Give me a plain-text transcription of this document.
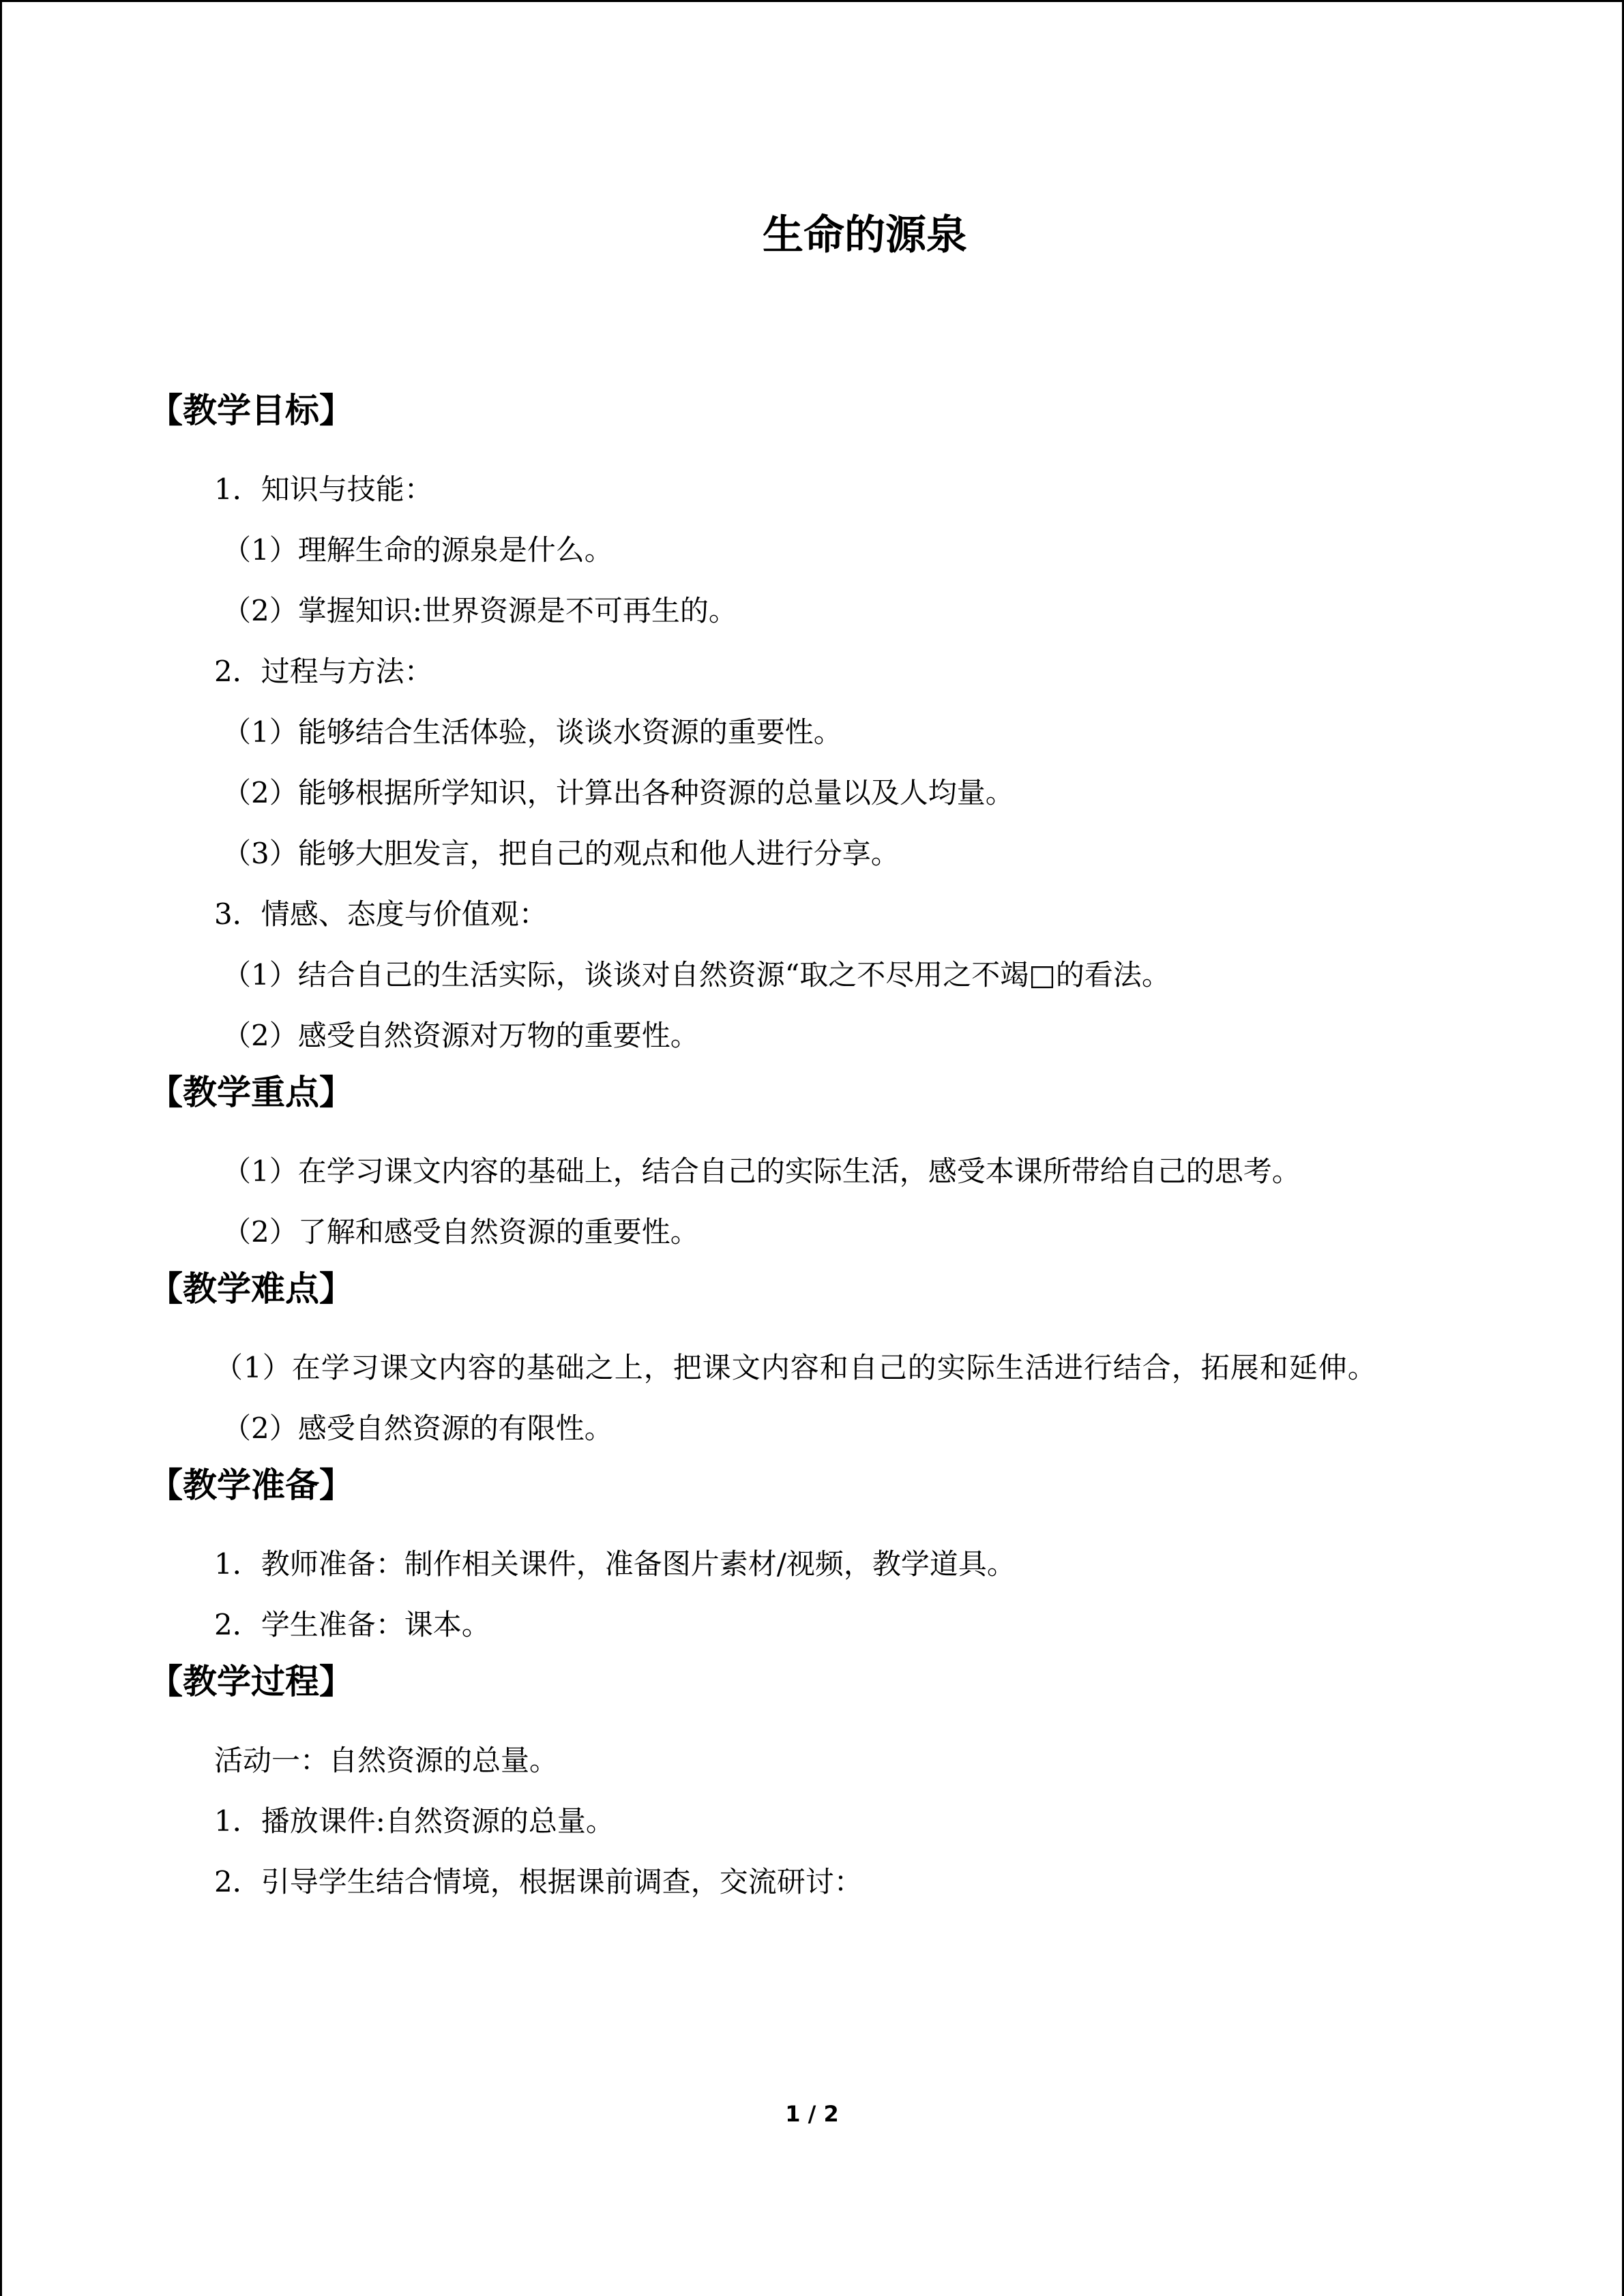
生命的源泉
【教学目标】

1．知识与技能：

（1）理解生命的源泉是什么。

（2）掌握知识:世界资源是不可再生的。

2．过程与方法：

（1）能够结合生活体验，谈谈水资源的重要性。

（2）能够根据所学知识，计算出各种资源的总量以及人均量。

（3）能够大胆发言，把自己的观点和他人进行分享。

3．情感、态度与价值观：

（1）结合自己的生活实际，谈谈对自然资源“取之不尽用之不竭□的看法。

（2）感受自然资源对万物的重要性。

【教学重点】

（1）在学习课文内容的基础上，结合自己的实际生活，感受本课所带给自己的思考。

（2）了解和感受自然资源的重要性。

【教学难点】

（1）在学习课文内容的基础之上，把课文内容和自己的实际生活进行结合，拓展和延伸。

（2）感受自然资源的有限性。

【教学准备】

1．教师准备：制作相关课件，准备图片素材/视频，教学道具。

2．学生准备：课本。

【教学过程】

活动一：自然资源的总量。

1．播放课件:自然资源的总量。

2．引导学生结合情境，根据课前调查，交流研讨：

1 / 2
